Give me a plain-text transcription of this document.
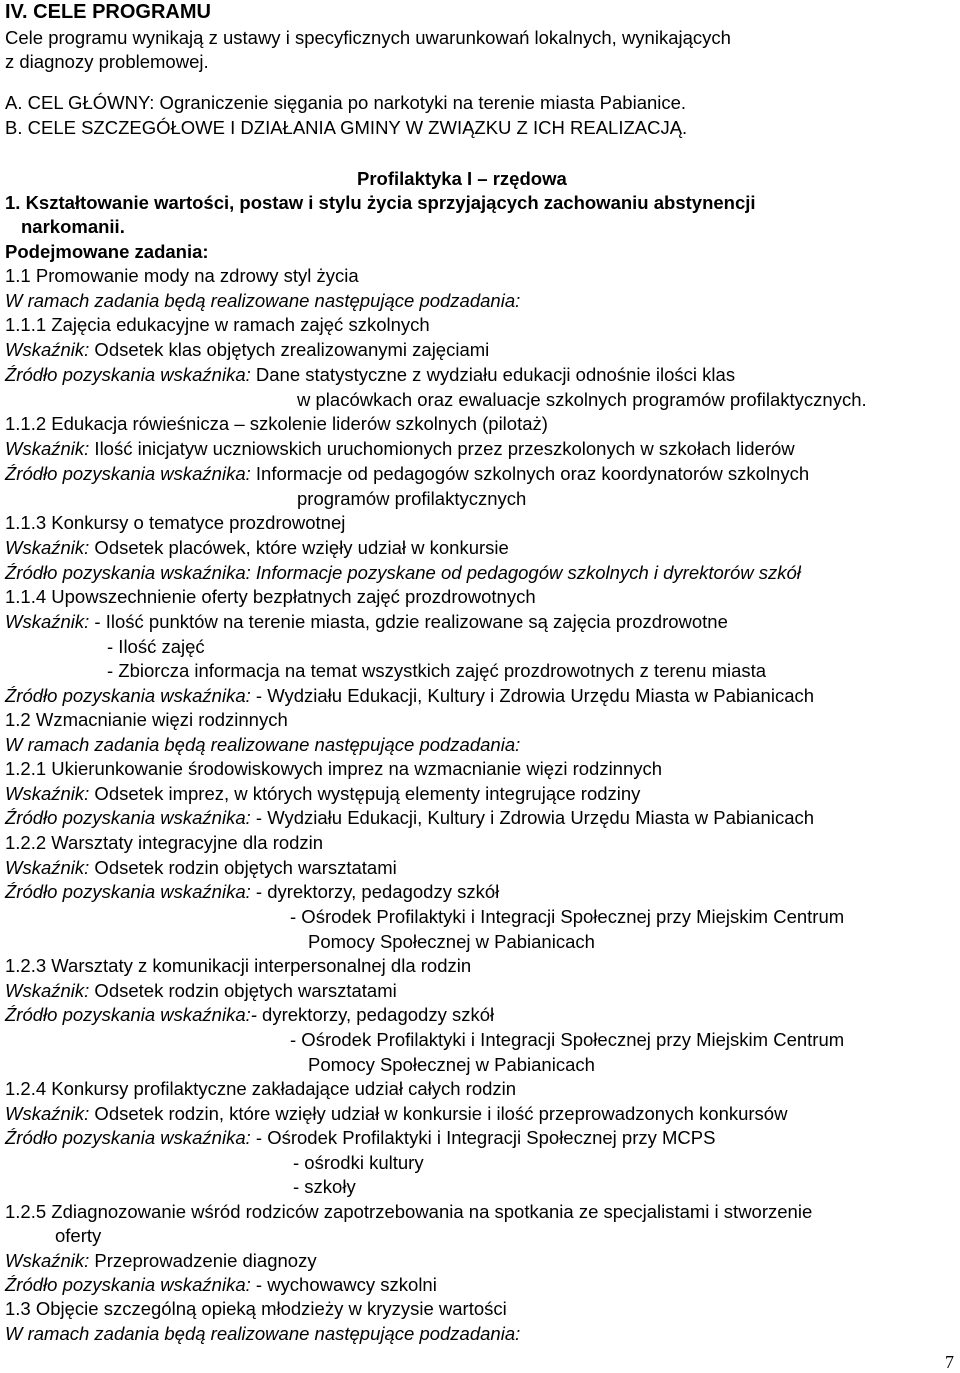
IV. CELE PROGRAMU
Cele programu wynikają z ustawy i specyficznych uwarunkowań lokalnych, wynikających
z diagnozy problemowej.
A. CEL GŁÓWNY: Ograniczenie sięgania po narkotyki na terenie miasta Pabianice.
B. CELE SZCZEGÓŁOWE I DZIAŁANIA GMINY W ZWIĄZKU Z ICH REALIZACJĄ.
Profilaktyka I – rzędowa
1. Kształtowanie wartości, postaw i stylu życia sprzyjających zachowaniu abstynencji
narkomanii.
Podejmowane zadania:
1.1 Promowanie mody na zdrowy styl życia
W ramach zadania będą realizowane następujące podzadania:
1.1.1 Zajęcia edukacyjne w ramach zajęć szkolnych
Wskaźnik: Odsetek klas objętych zrealizowanymi zajęciami
Źródło pozyskania wskaźnika: Dane statystyczne z wydziału edukacji odnośnie ilości klas
w placówkach oraz ewaluacje szkolnych programów profilaktycznych.
1.1.2 Edukacja rówieśnicza – szkolenie liderów szkolnych (pilotaż)
Wskaźnik: Ilość inicjatyw uczniowskich uruchomionych przez przeszkolonych w szkołach liderów
Źródło pozyskania wskaźnika: Informacje od pedagogów szkolnych oraz koordynatorów szkolnych
programów profilaktycznych
1.1.3 Konkursy o tematyce prozdrowotnej
Wskaźnik: Odsetek placówek, które wzięły udział w konkursie
Źródło pozyskania wskaźnika: Informacje pozyskane od pedagogów szkolnych i dyrektorów szkół
1.1.4 Upowszechnienie oferty bezpłatnych zajęć prozdrowotnych
Wskaźnik: - Ilość punktów na terenie miasta, gdzie realizowane są zajęcia prozdrowotne
- Ilość zajęć
- Zbiorcza informacja na temat wszystkich zajęć prozdrowotnych z terenu miasta
Źródło pozyskania wskaźnika: - Wydziału Edukacji, Kultury i Zdrowia Urzędu Miasta w Pabianicach
1.2 Wzmacnianie więzi rodzinnych
W ramach zadania będą realizowane następujące podzadania:
1.2.1 Ukierunkowanie środowiskowych imprez na wzmacnianie więzi rodzinnych
Wskaźnik: Odsetek imprez, w których występują elementy integrujące rodziny
Źródło pozyskania wskaźnika: - Wydziału Edukacji, Kultury i Zdrowia Urzędu Miasta w Pabianicach
1.2.2 Warsztaty integracyjne dla rodzin
Wskaźnik: Odsetek rodzin objętych warsztatami
Źródło pozyskania wskaźnika: - dyrektorzy, pedagodzy szkół
- Ośrodek Profilaktyki i Integracji Społecznej przy Miejskim Centrum
Pomocy Społecznej w Pabianicach
1.2.3 Warsztaty z komunikacji interpersonalnej dla rodzin
Wskaźnik: Odsetek rodzin objętych warsztatami
Źródło pozyskania wskaźnika:- dyrektorzy, pedagodzy szkół
- Ośrodek Profilaktyki i Integracji Społecznej przy Miejskim Centrum
Pomocy Społecznej w Pabianicach
1.2.4 Konkursy profilaktyczne zakładające udział całych rodzin
Wskaźnik: Odsetek rodzin, które wzięły udział w konkursie i ilość przeprowadzonych konkursów
Źródło pozyskania wskaźnika: - Ośrodek Profilaktyki i Integracji Społecznej przy MCPS
- ośrodki kultury
- szkoły
1.2.5 Zdiagnozowanie wśród rodziców zapotrzebowania na spotkania ze specjalistami i stworzenie
oferty
Wskaźnik: Przeprowadzenie diagnozy
Źródło pozyskania wskaźnika: - wychowawcy szkolni
1.3 Objęcie szczególną opieką młodzieży w kryzysie wartości
W ramach zadania będą realizowane następujące podzadania:
7
